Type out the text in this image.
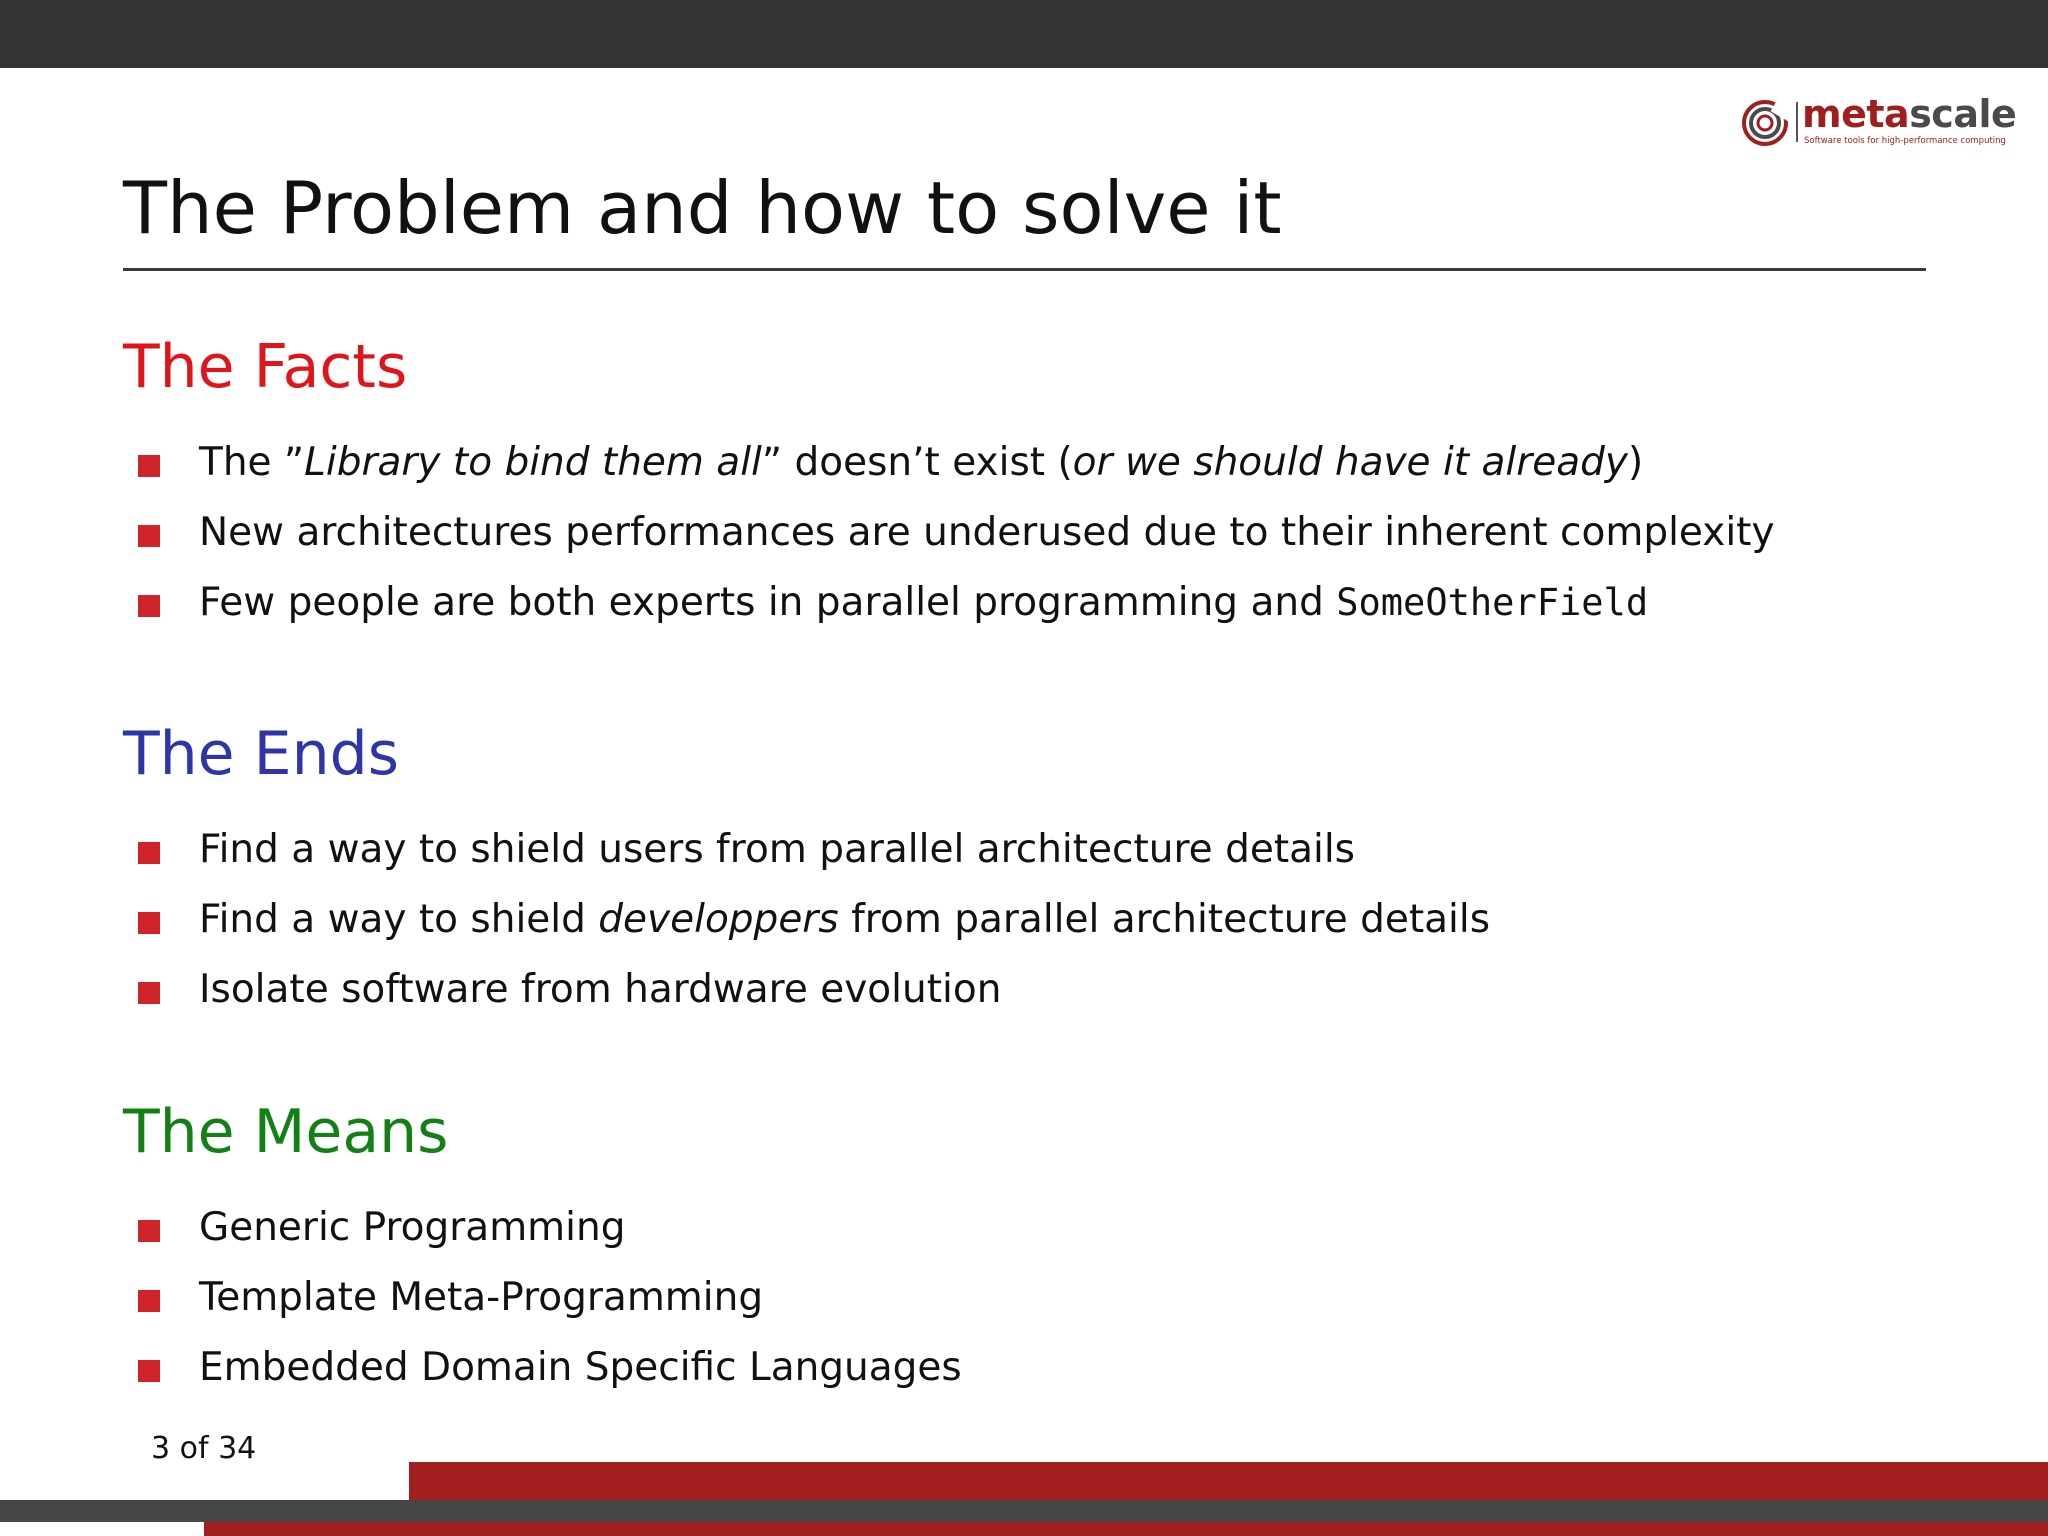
metascale
Software tools for high-performance computing
The Problem and how to solve it
The Facts
The ”Library to bind them all” doesn’t exist (or we should have it already)
New architectures performances are underused due to their inherent complexity
Few people are both experts in parallel programming and SomeOtherField
The Ends
Find a way to shield users from parallel architecture details
Find a way to shield developpers from parallel architecture details
Isolate software from hardware evolution
The Means
Generic Programming
Template Meta-Programming
Embedded Domain Specific Languages
3 of 34
